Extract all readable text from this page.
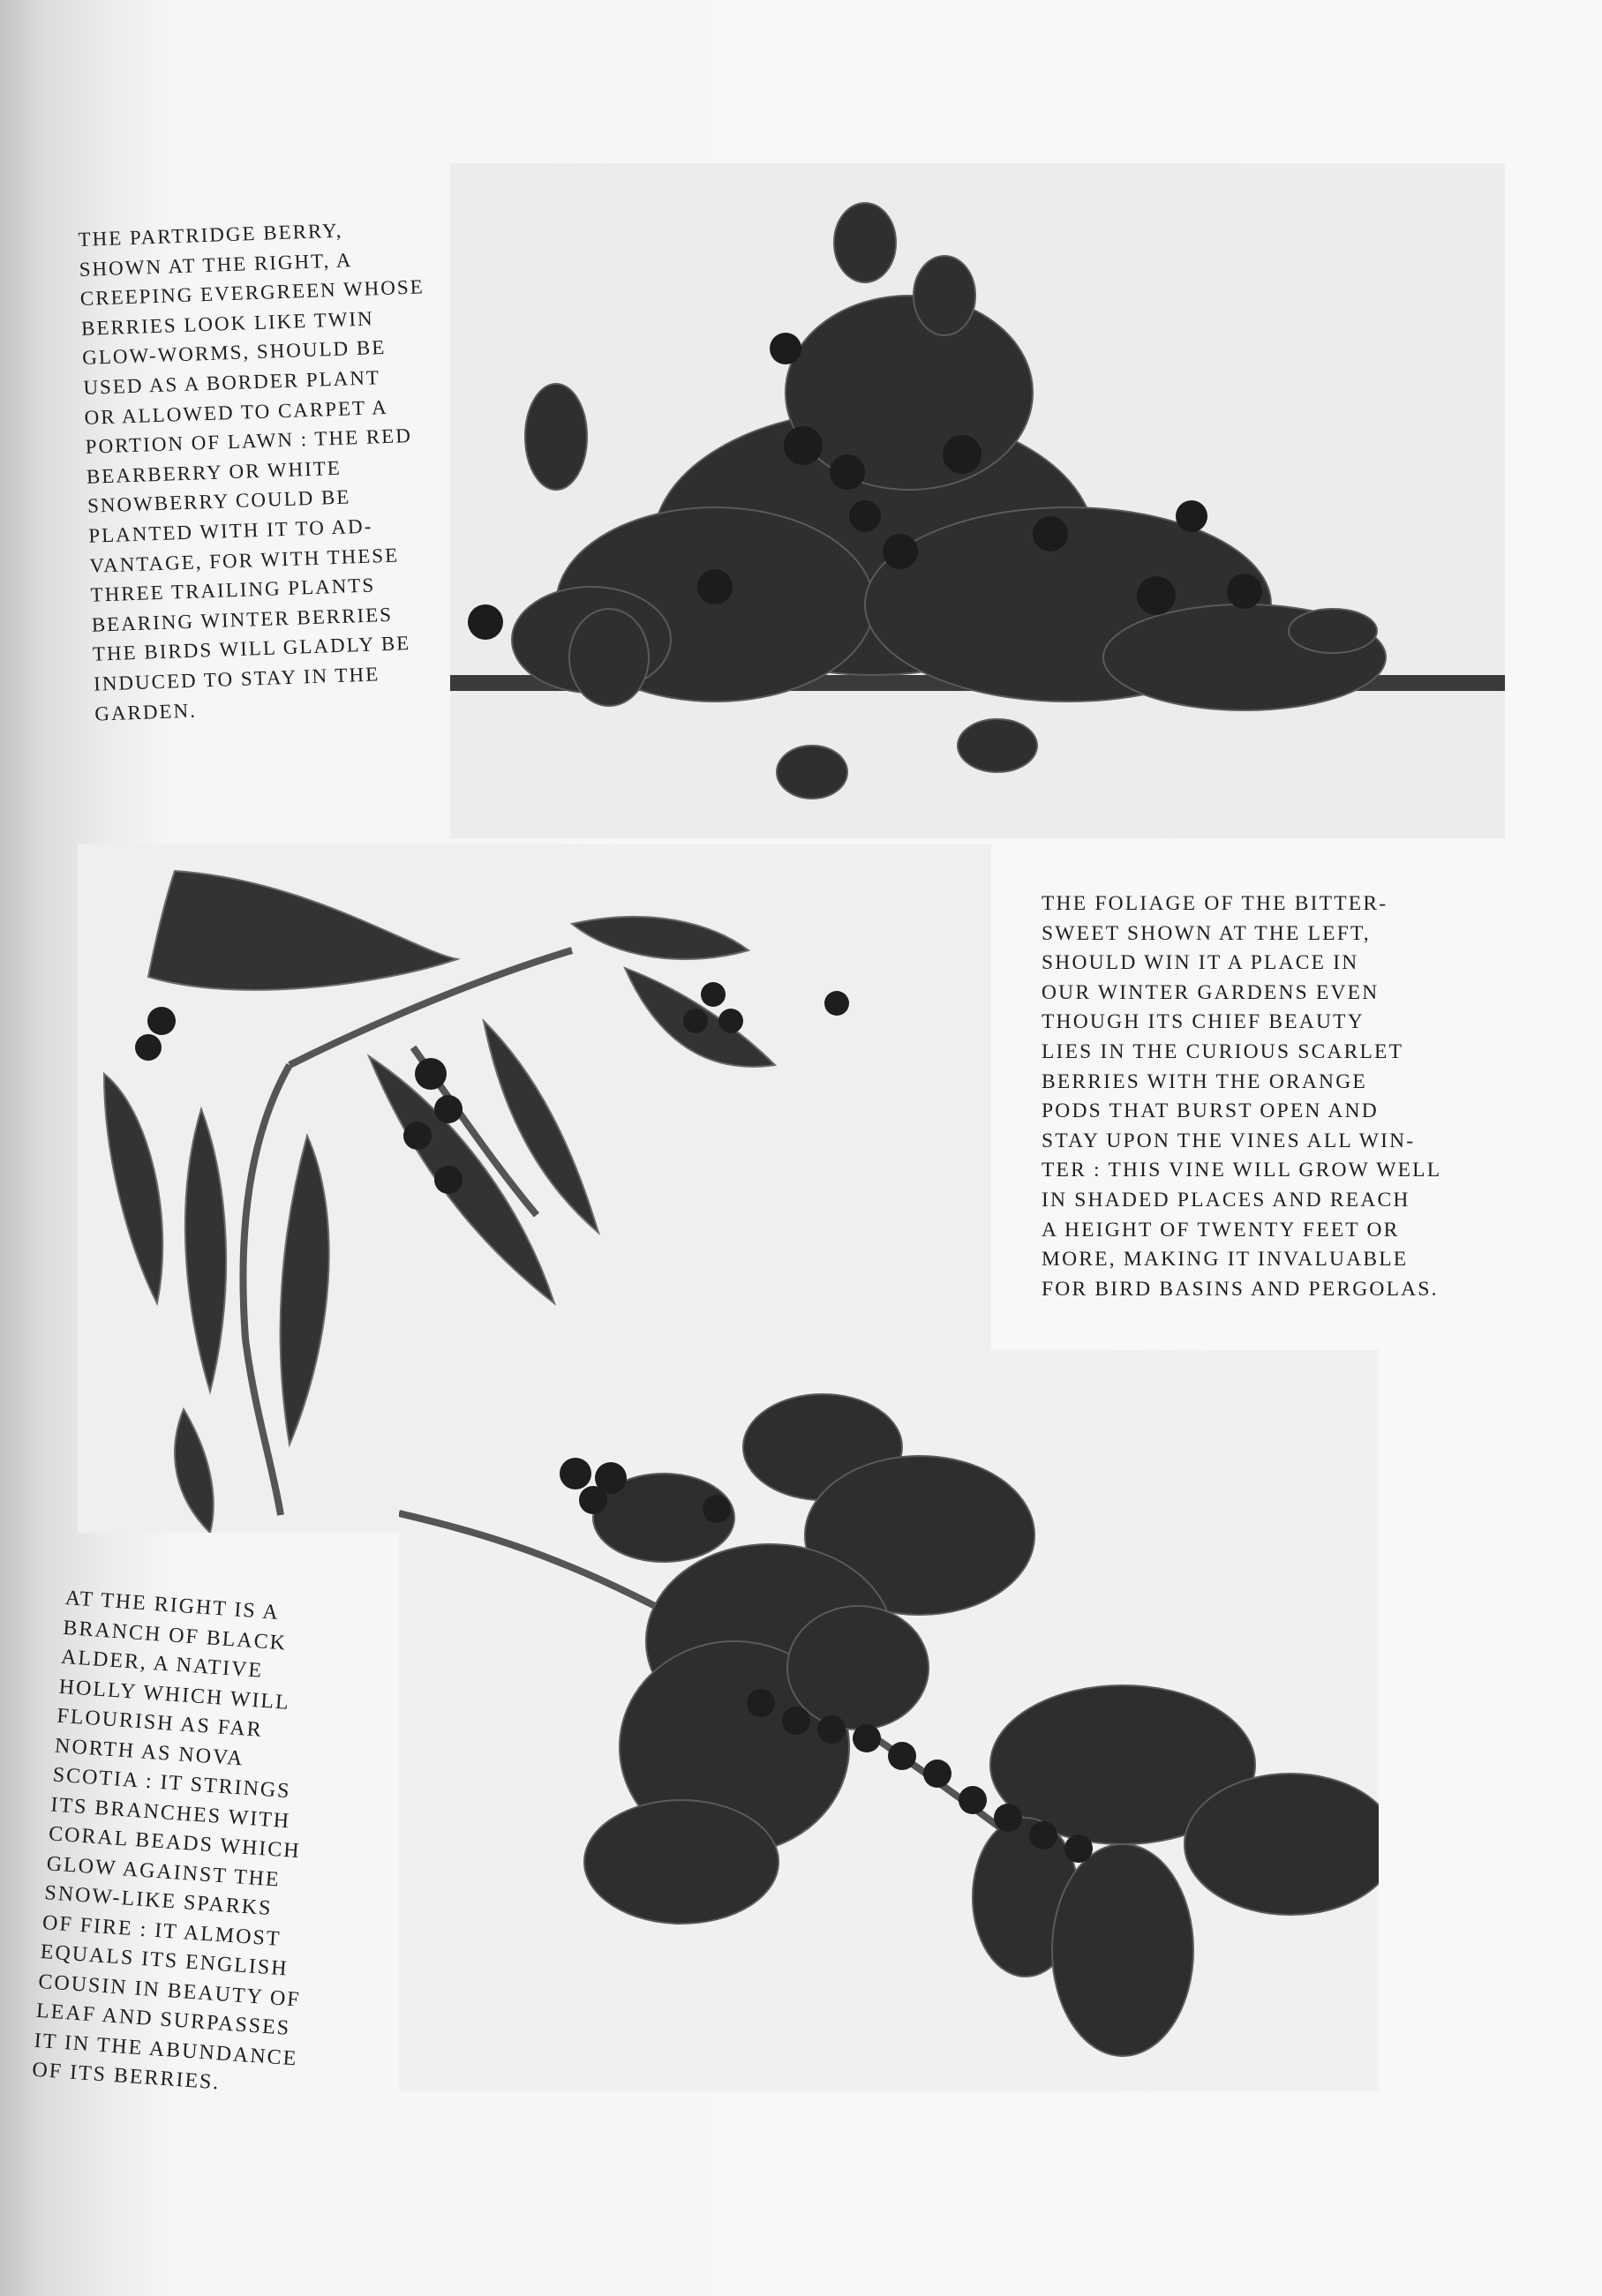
THE PARTRIDGE BERRY,
SHOWN AT THE RIGHT, A
CREEPING EVERGREEN WHOSE
BERRIES LOOK LIKE TWIN
GLOW-WORMS, SHOULD BE
USED AS A BORDER PLANT
OR ALLOWED TO CARPET A
PORTION OF LAWN : THE RED
BEARBERRY OR WHITE
SNOWBERRY COULD BE
PLANTED WITH IT TO AD-
VANTAGE, FOR WITH THESE
THREE TRAILING PLANTS
BEARING WINTER BERRIES
THE BIRDS WILL GLADLY BE
INDUCED TO STAY IN THE
GARDEN.

THE FOLIAGE OF THE BITTER-
SWEET SHOWN AT THE LEFT,
SHOULD WIN IT A PLACE IN
OUR WINTER GARDENS EVEN
THOUGH ITS CHIEF BEAUTY
LIES IN THE CURIOUS SCARLET
BERRIES WITH THE ORANGE
PODS THAT BURST OPEN AND
STAY UPON THE VINES ALL WIN-
TER : THIS VINE WILL GROW WELL
IN SHADED PLACES AND REACH
A HEIGHT OF TWENTY FEET OR
MORE, MAKING IT INVALUABLE
FOR BIRD BASINS AND PERGOLAS.

AT THE RIGHT IS A
BRANCH OF BLACK
ALDER, A NATIVE
HOLLY WHICH WILL
FLOURISH AS FAR
NORTH AS NOVA
SCOTIA : IT STRINGS
ITS BRANCHES WITH
CORAL BEADS WHICH
GLOW AGAINST THE
SNOW-LIKE SPARKS
OF FIRE : IT ALMOST
EQUALS ITS ENGLISH
COUSIN IN BEAUTY OF
LEAF AND SURPASSES
IT IN THE ABUNDANCE
OF ITS BERRIES.
